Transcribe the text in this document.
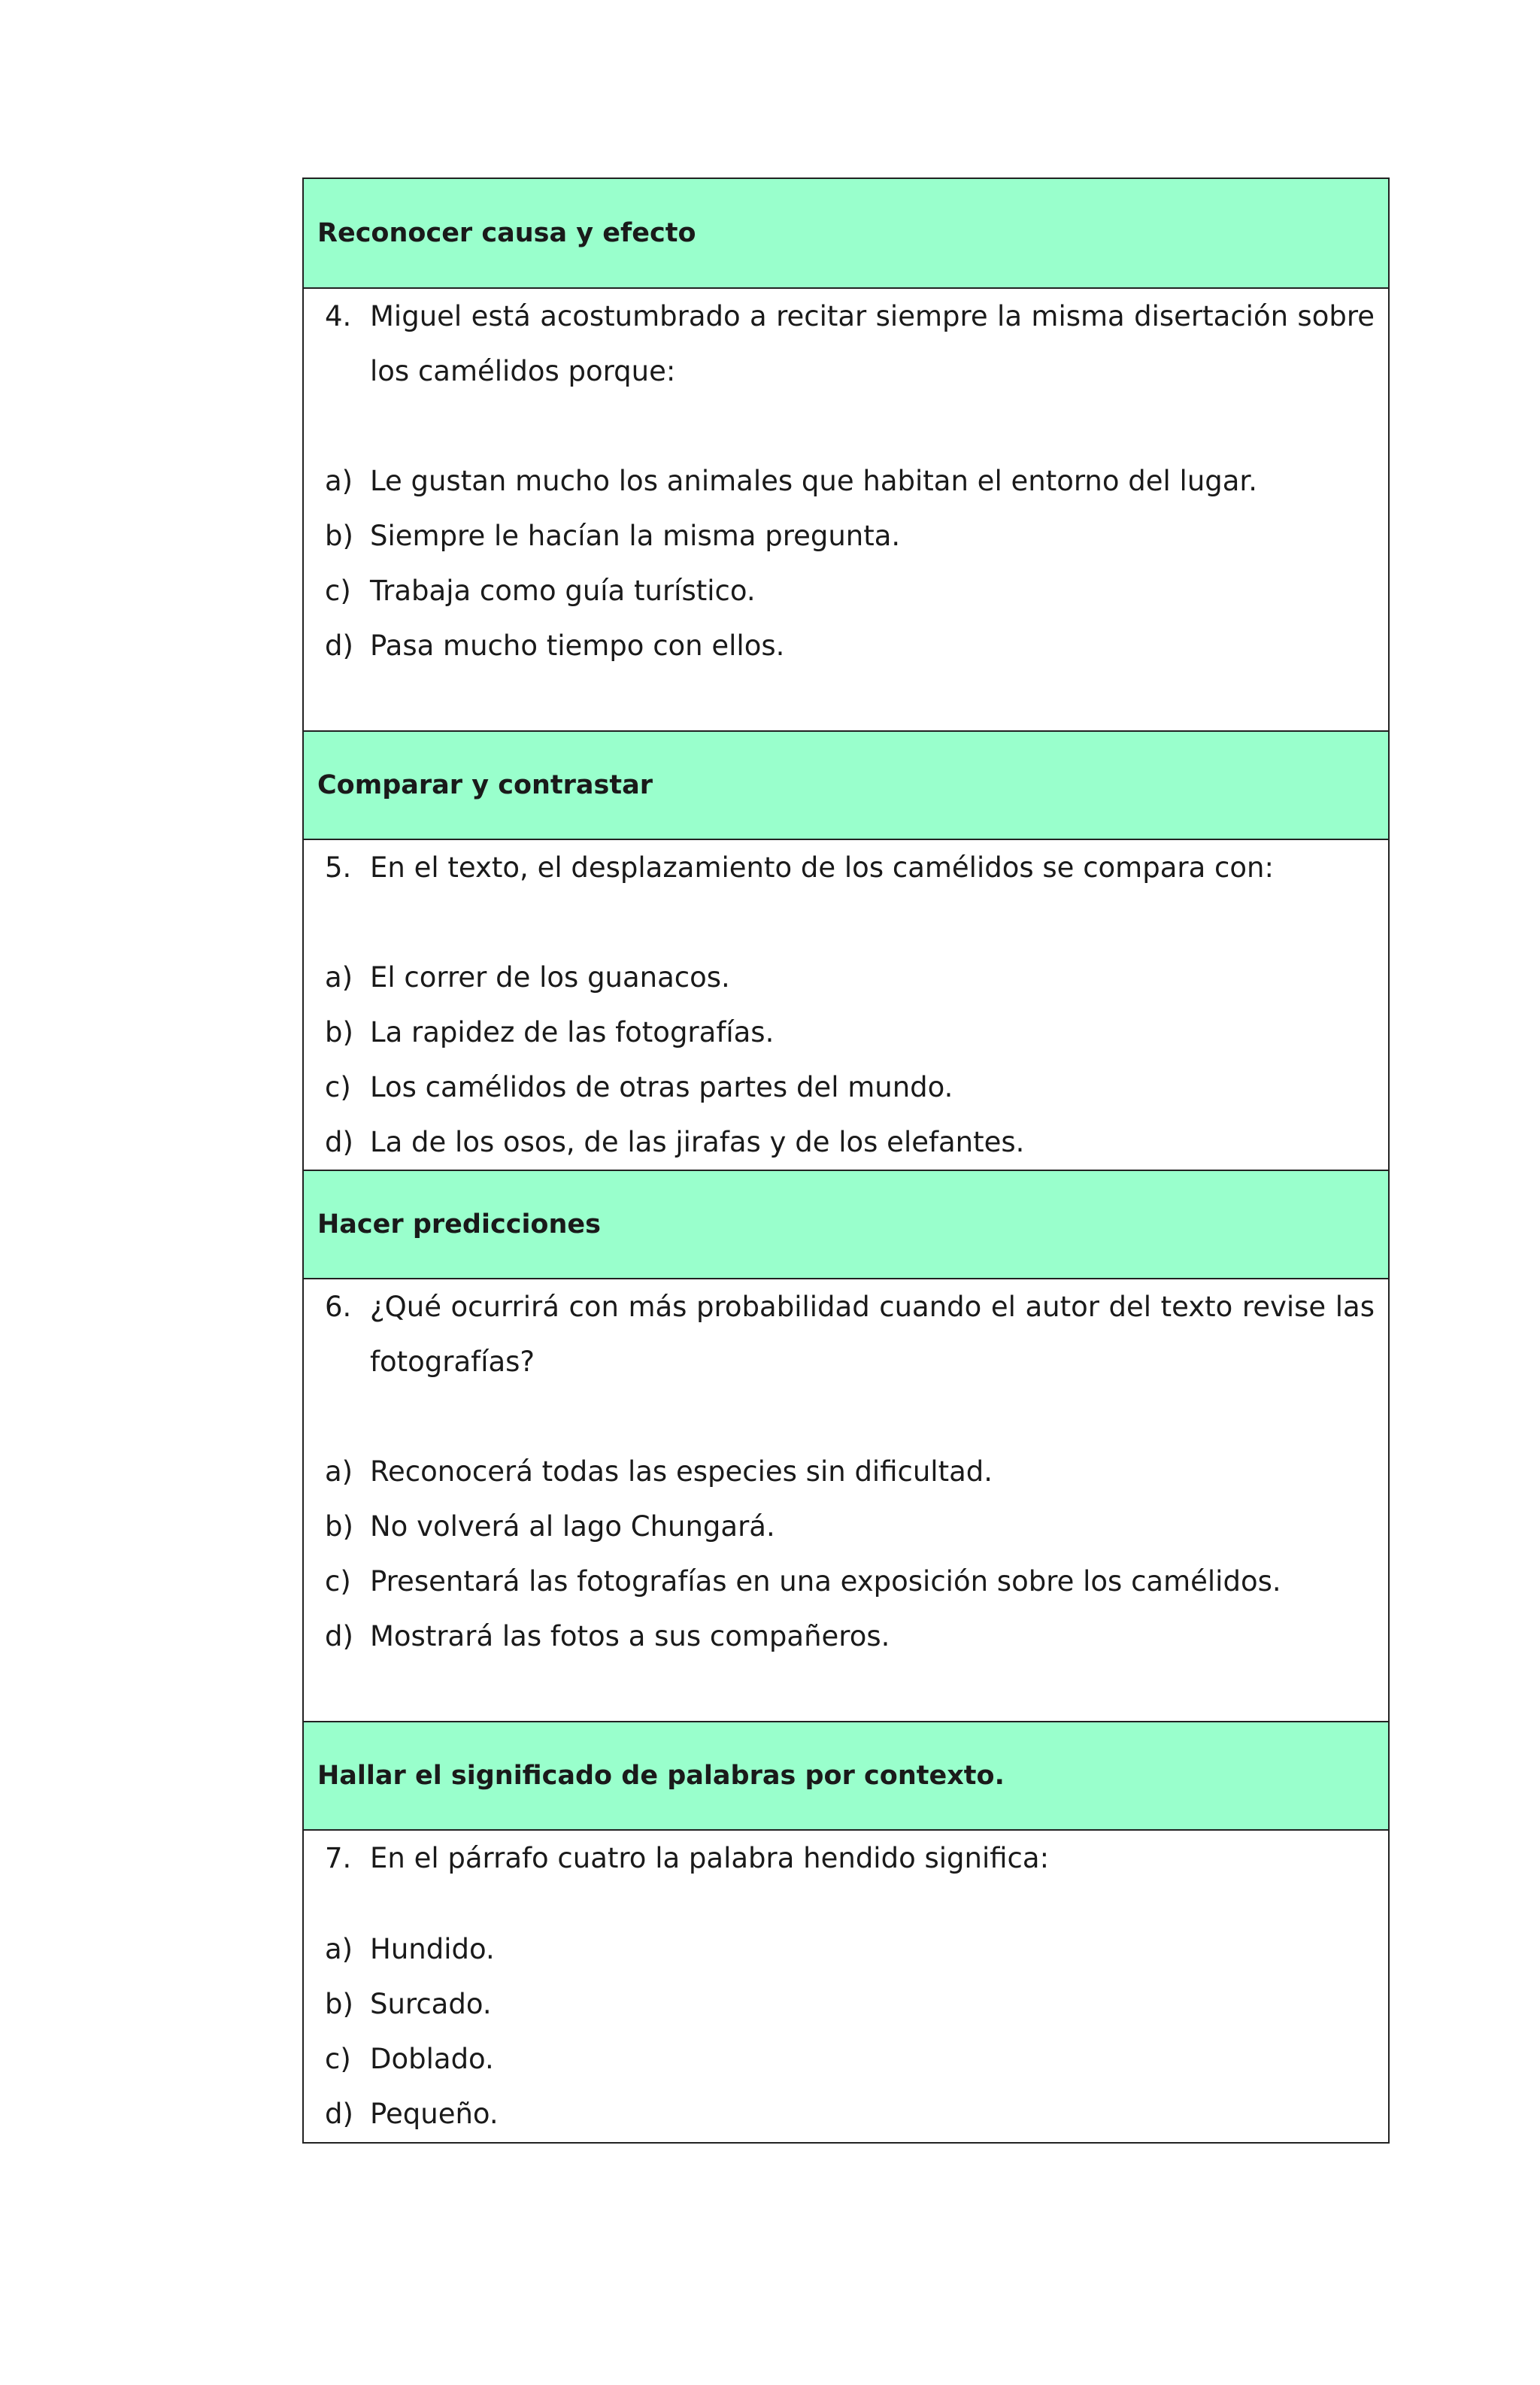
Reconocer causa y efecto
4. Miguel está acostumbrado a recitar siempre la misma disertación sobre los camélidos porque:
a) Le gustan mucho los animales que habitan el entorno del lugar.
b) Siempre le hacían la misma pregunta.
c) Trabaja como guía turístico.
d) Pasa mucho tiempo con ellos.
Comparar y contrastar
5. En el texto, el desplazamiento de los camélidos se compara con:
a) El correr de los guanacos.
b) La rapidez de las fotografías.
c) Los camélidos de otras partes del mundo.
d) La de los osos, de las jirafas y de los elefantes.
Hacer predicciones
6. ¿Qué ocurrirá con más probabilidad cuando el autor del texto revise las fotografías?
a) Reconocerá todas las especies sin dificultad.
b) No volverá al lago Chungará.
c) Presentará las fotografías en una exposición sobre los camélidos.
d) Mostrará las fotos a sus compañeros.
Hallar el significado de palabras por contexto.
7. En el párrafo cuatro la palabra hendido significa:
a) Hundido.
b) Surcado.
c) Doblado.
d) Pequeño.
